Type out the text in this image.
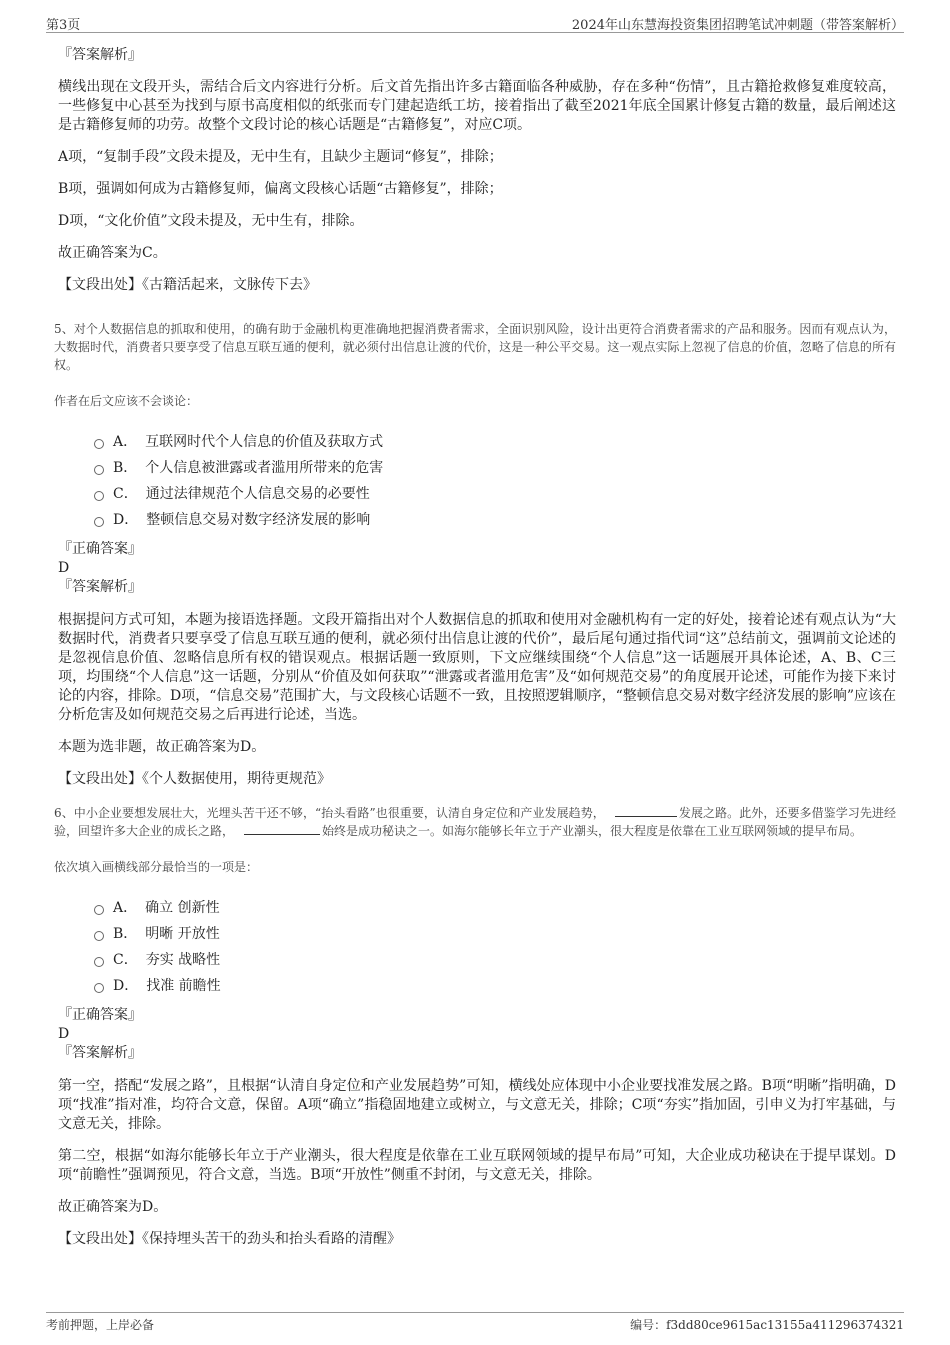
第3页	2024年山东慧海投资集团招聘笔试冲刺题（带答案解析）
『答案解析』
横线出现在文段开头，需结合后文内容进行分析。后文首先指出许多古籍面临各种威胁，存在多种“伤情”，且古籍抢救修复难度较高，一些修复中心甚至为找到与原书高度相似的纸张而专门建起造纸工坊，接着指出了截至2021年底全国累计修复古籍的数量，最后阐述这是古籍修复师的功劳。故整个文段讨论的核心话题是“古籍修复”，对应C项。
A项，“复制手段”文段未提及，无中生有，且缺少主题词“修复”，排除；
B项，强调如何成为古籍修复师，偏离文段核心话题“古籍修复”，排除；
D项，“文化价值”文段未提及，无中生有，排除。
故正确答案为C。
【文段出处】《古籍活起来，文脉传下去》
5、对个人数据信息的抓取和使用，的确有助于金融机构更准确地把握消费者需求，全面识别风险，设计出更符合消费者需求的产品和服务。因而有观点认为，大数据时代，消费者只要享受了信息互联互通的便利，就必须付出信息让渡的代价，这是一种公平交易。这一观点实际上忽视了信息的价值，忽略了信息的所有权。
作者在后文应该不会谈论：
A． 互联网时代个人信息的价值及获取方式
B． 个人信息被泄露或者滥用所带来的危害
C． 通过法律规范个人信息交易的必要性
D． 整顿信息交易对数字经济发展的影响
『正确答案』
D
『答案解析』
根据提问方式可知，本题为接语选择题。文段开篇指出对个人数据信息的抓取和使用对金融机构有一定的好处，接着论述有观点认为“大数据时代，消费者只要享受了信息互联互通的便利，就必须付出信息让渡的代价”，最后尾句通过指代词“这”总结前文，强调前文论述的是忽视信息价值、忽略信息所有权的错误观点。根据话题一致原则，下文应继续围绕“个人信息”这一话题展开具体论述，A、B、C三项，均围绕“个人信息”这一话题，分别从“价值及如何获取”“泄露或者滥用危害”及“如何规范交易”的角度展开论述，可能作为接下来讨论的内容，排除。D项，“信息交易”范围扩大，与文段核心话题不一致，且按照逻辑顺序，“整顿信息交易对数字经济发展的影响”应该在分析危害及如何规范交易之后再进行论述，当选。
本题为选非题，故正确答案为D。
【文段出处】《个人数据使用，期待更规范》
6、中小企业要想发展壮大，光埋头苦干还不够，“抬头看路”也很重要，认清自身定位和产业发展趋势，	发展之路。此外，还要多借鉴学习先进经验，回望许多大企业的成长之路，	始终是成功秘诀之一。如海尔能够长年立于产业潮头，很大程度是依靠在工业互联网领域的提早布局。
依次填入画横线部分最恰当的一项是：
A． 确立 创新性
B． 明晰 开放性
C． 夯实 战略性
D． 找准 前瞻性
『正确答案』
D
『答案解析』
第一空，搭配“发展之路”，且根据“认清自身定位和产业发展趋势”可知，横线处应体现中小企业要找准发展之路。B项“明晰”指明确，D项“找准”指对准，均符合文意，保留。A项“确立”指稳固地建立或树立，与文意无关，排除；C项“夯实”指加固，引申义为打牢基础，与文意无关，排除。
第二空，根据“如海尔能够长年立于产业潮头，很大程度是依靠在工业互联网领域的提早布局”可知，大企业成功秘诀在于提早谋划。D项“前瞻性”强调预见，符合文意，当选。B项“开放性”侧重不封闭，与文意无关，排除。
故正确答案为D。
【文段出处】《保持埋头苦干的劲头和抬头看路的清醒》
考前押题，上岸必备	编号：f3dd80ce9615ac13155a411296374321
